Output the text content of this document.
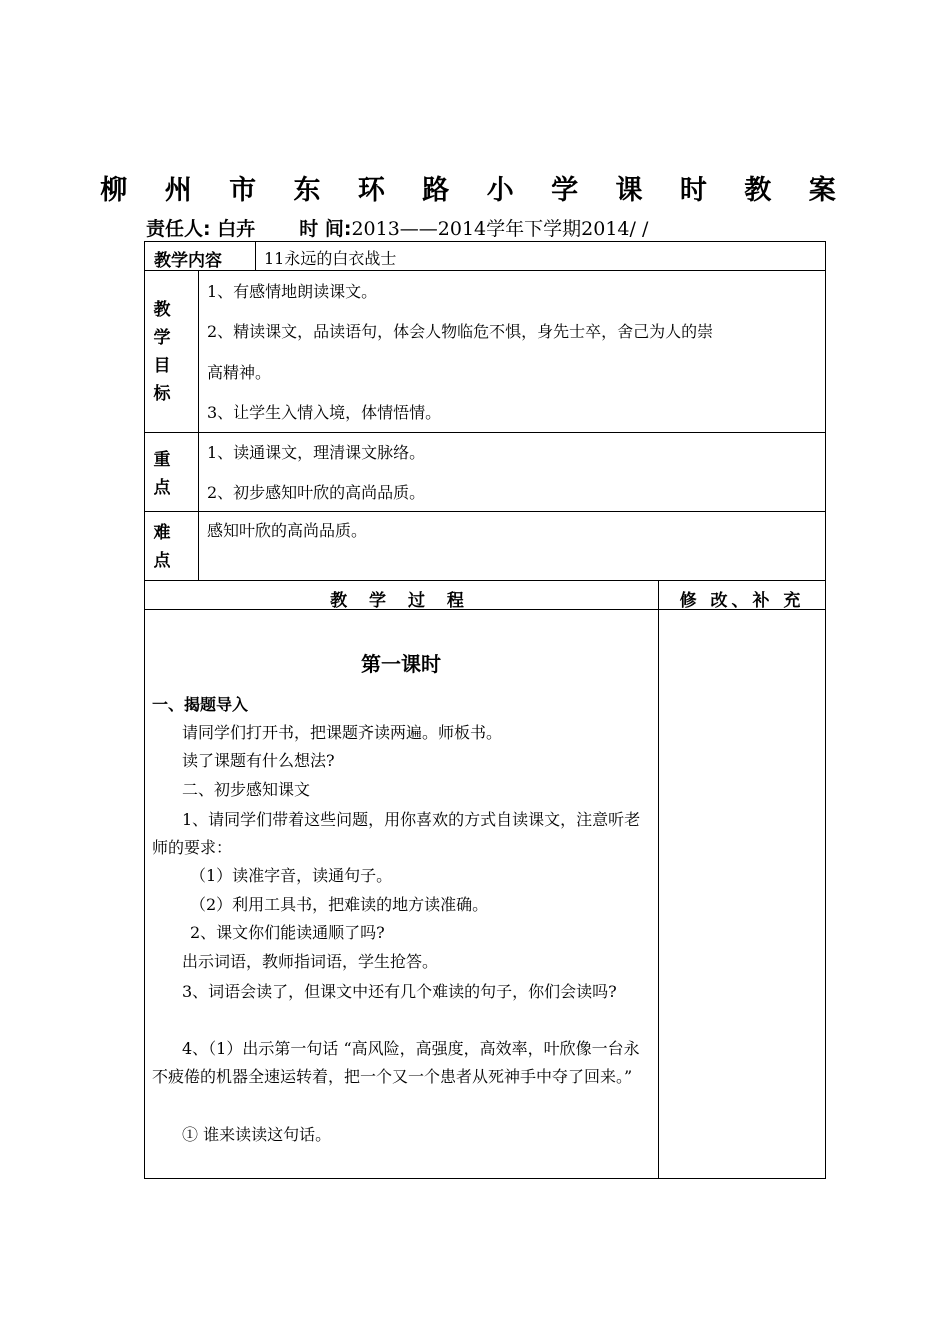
柳 州 市 东 环 路 小 学 课 时 教 案
责任人: 白卉 时 间:2013——2014学年下学期2014/ /
教学内容	11永远的白衣战士
教
学
目
标
1、有感情地朗读课文。
2、精读课文，品读语句，体会人物临危不惧，身先士卒，舍己为人的崇
高精神。
3、让学生入情入境，体情悟情。
重
点
1、读通课文，理清课文脉络。
2、初步感知叶欣的高尚品质。
难
点
感知叶欣的高尚品质。
教 学 过 程	修 改、补 充
第一课时
一、揭题导入
请同学们打开书，把课题齐读两遍。师板书。
读了课题有什么想法?
二、初步感知课文
1、请同学们带着这些问题，用你喜欢的方式自读课文，注意听老师的要求：
（1）读准字音，读通句子。
（2）利用工具书，把难读的地方读准确。
2、课文你们能读通顺了吗?
出示词语，教师指词语，学生抢答。
3、词语会读了，但课文中还有几个难读的句子，你们会读吗?
4、（1）出示第一句话 “高风险，高强度，高效率，叶欣像一台永不疲倦的机器全速运转着，把一个又一个患者从死神手中夺了回来。”
① 谁来读读这句话。
